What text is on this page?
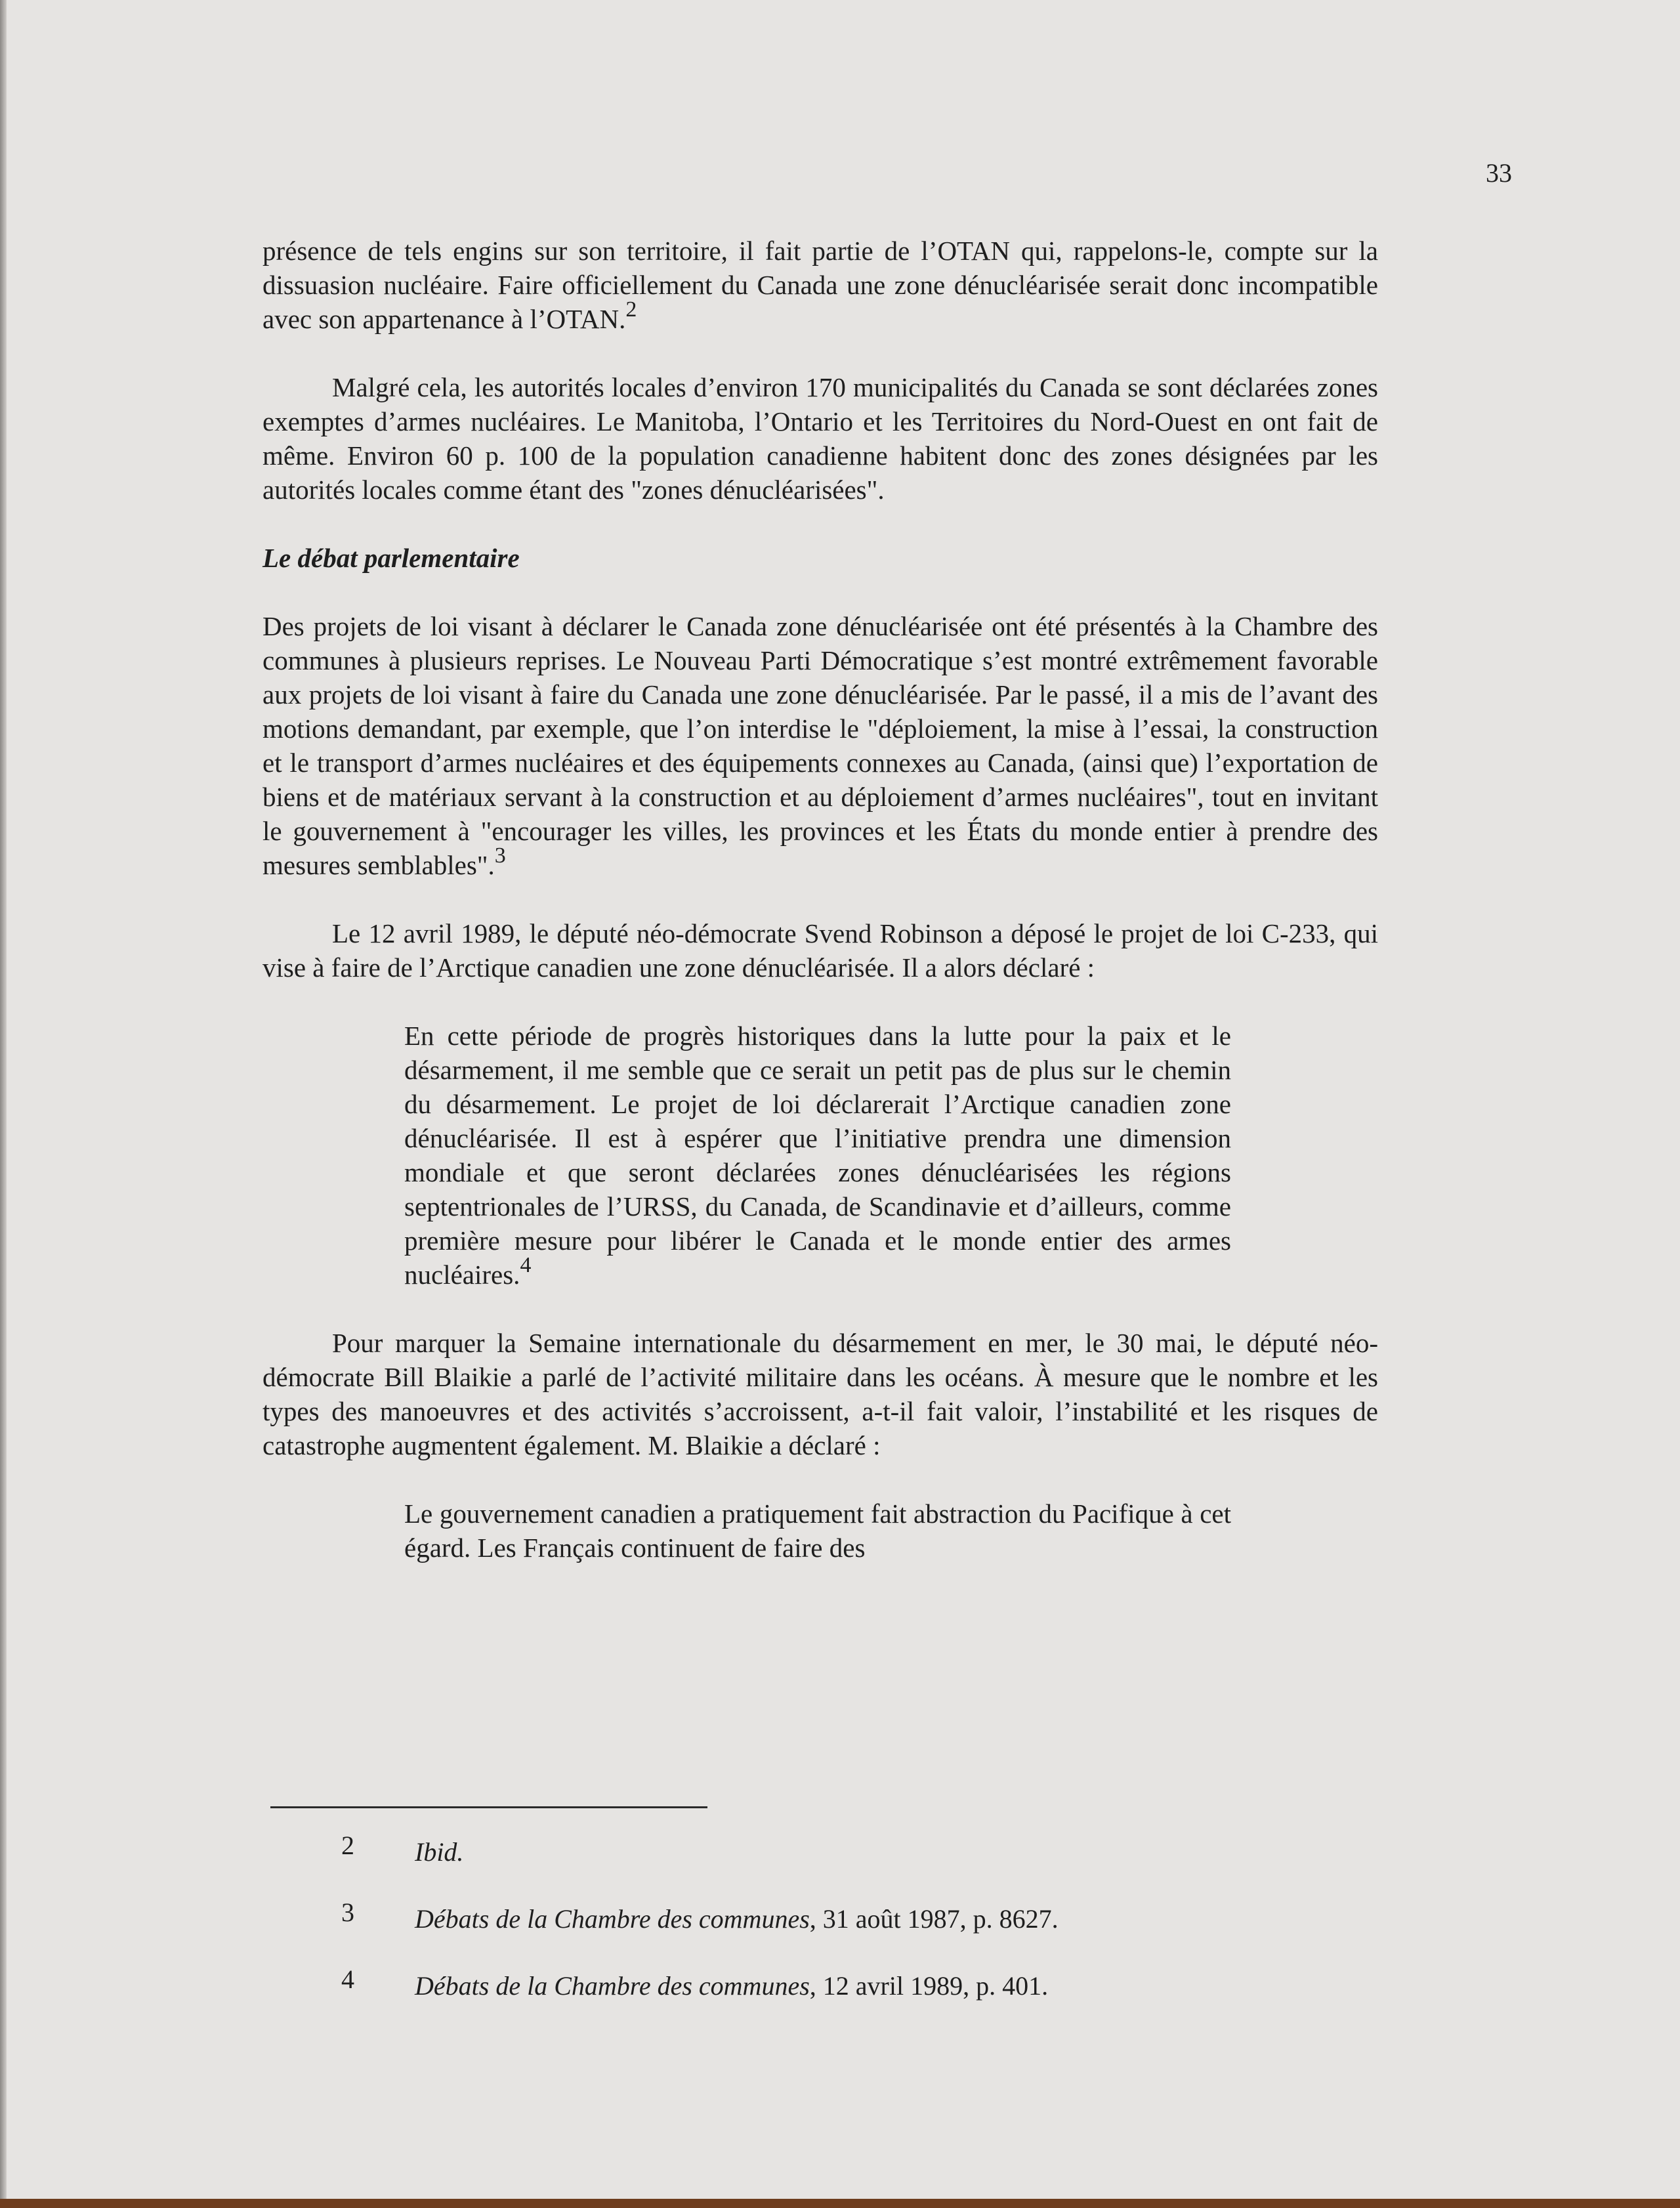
33

présence de tels engins sur son territoire, il fait partie de l’OTAN qui, rappelons-le, compte sur la dissuasion nucléaire. Faire officiellement du Canada une zone dénucléarisée serait donc incompatible avec son appartenance à l’OTAN.$^2$

Malgré cela, les autorités locales d’environ 170 municipalités du Canada se sont déclarées zones exemptes d’armes nucléaires. Le Manitoba, l’Ontario et les Territoires du Nord-Ouest en ont fait de même. Environ 60 p. 100 de la population canadienne habitent donc des zones désignées par les autorités locales comme étant des "zones dénucléarisées".

Le débat parlementaire

Des projets de loi visant à déclarer le Canada zone dénucléarisée ont été présentés à la Chambre des communes à plusieurs reprises. Le Nouveau Parti Démocratique s’est montré extrêmement favorable aux projets de loi visant à faire du Canada une zone dénucléarisée. Par le passé, il a mis de l’avant des motions demandant, par exemple, que l’on interdise le "déploiement, la mise à l’essai, la construction et le transport d’armes nucléaires et des équipements connexes au Canada, (ainsi que) l’exportation de biens et de matériaux servant à la construction et au déploiement d’armes nucléaires", tout en invitant le gouvernement à "encourager les villes, les provinces et les États du monde entier à prendre des mesures semblables".$^3$

Le 12 avril 1989, le député néo-démocrate Svend Robinson a déposé le projet de loi C-233, qui vise à faire de l’Arctique canadien une zone dénucléarisée. Il a alors déclaré :

En cette période de progrès historiques dans la lutte pour la paix et le désarmement, il me semble que ce serait un petit pas de plus sur le chemin du désarmement. Le projet de loi déclarerait l’Arctique canadien zone dénucléarisée. Il est à espérer que l’initiative prendra une dimension mondiale et que seront déclarées zones dénucléarisées les régions septentrionales de l’URSS, du Canada, de Scandinavie et d’ailleurs, comme première mesure pour libérer le Canada et le monde entier des armes nucléaires.$^4$

Pour marquer la Semaine internationale du désarmement en mer, le 30 mai, le député néo-démocrate Bill Blaikie a parlé de l’activité militaire dans les océans. À mesure que le nombre et les types des manoeuvres et des activités s’accroissent, a-t-il fait valoir, l’instabilité et les risques de catastrophe augmentent également. M. Blaikie a déclaré :

Le gouvernement canadien a pratiquement fait abstraction du Pacifique à cet égard. Les Français continuent de faire des

2 Ibid.
3 Débats de la Chambre des communes, 31 août 1987, p. 8627.
4 Débats de la Chambre des communes, 12 avril 1989, p. 401.
